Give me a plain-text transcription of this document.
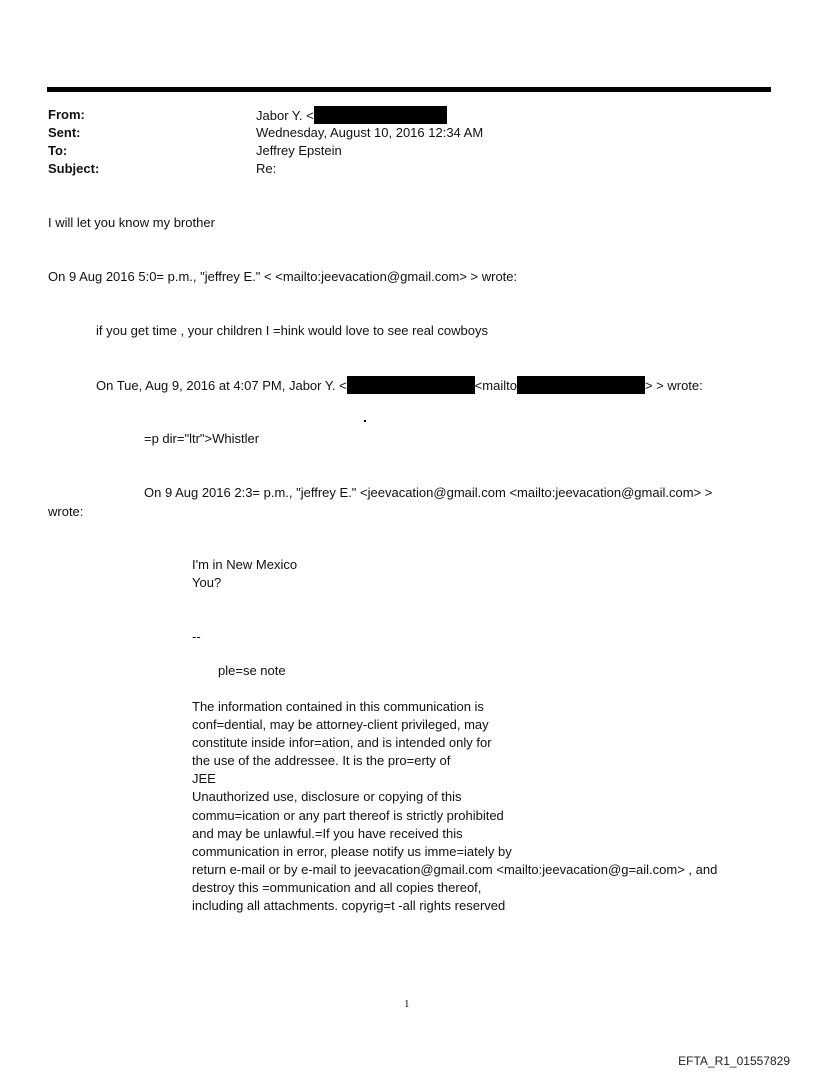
From:	Jabor Y. <
Sent:	Wednesday, August 10, 2016 12:34 AM
To:	Jeffrey Epstein
Subject:	Re:
I will let you know my brother
On 9 Aug 2016 5:0= p.m., "jeffrey E." < <mailto:jeevacation@gmail.com> > wrote:
if you get time , your children I =hink would love to see real cowboys
On Tue, Aug 9, 2016 at 4:07 PM, Jabor Y. <	<mailto	> > wrote:
=p dir="ltr">Whistler
On 9 Aug 2016 2:3= p.m., "jeffrey E." <jeevacation@gmail.com <mailto:jeevacation@gmail.com> >
wrote:
I'm in New Mexico
You?
--
ple=se note
The information contained in this communication is
conf=dential, may be attorney-client privileged, may
constitute inside infor=ation, and is intended only for
the use of the addressee. It is the pro=erty of
JEE
Unauthorized use, disclosure or copying of this
commu=ication or any part thereof is strictly prohibited
and may be unlawful.=If you have received this
communication in error, please notify us imme=iately by
return e-mail or by e-mail to jeevacation@gmail.com <mailto:jeevacation@g=ail.com> , and
destroy this =ommunication and all copies thereof,
including all attachments. copyrig=t -all rights reserved
1
EFTA_R1_01557829
